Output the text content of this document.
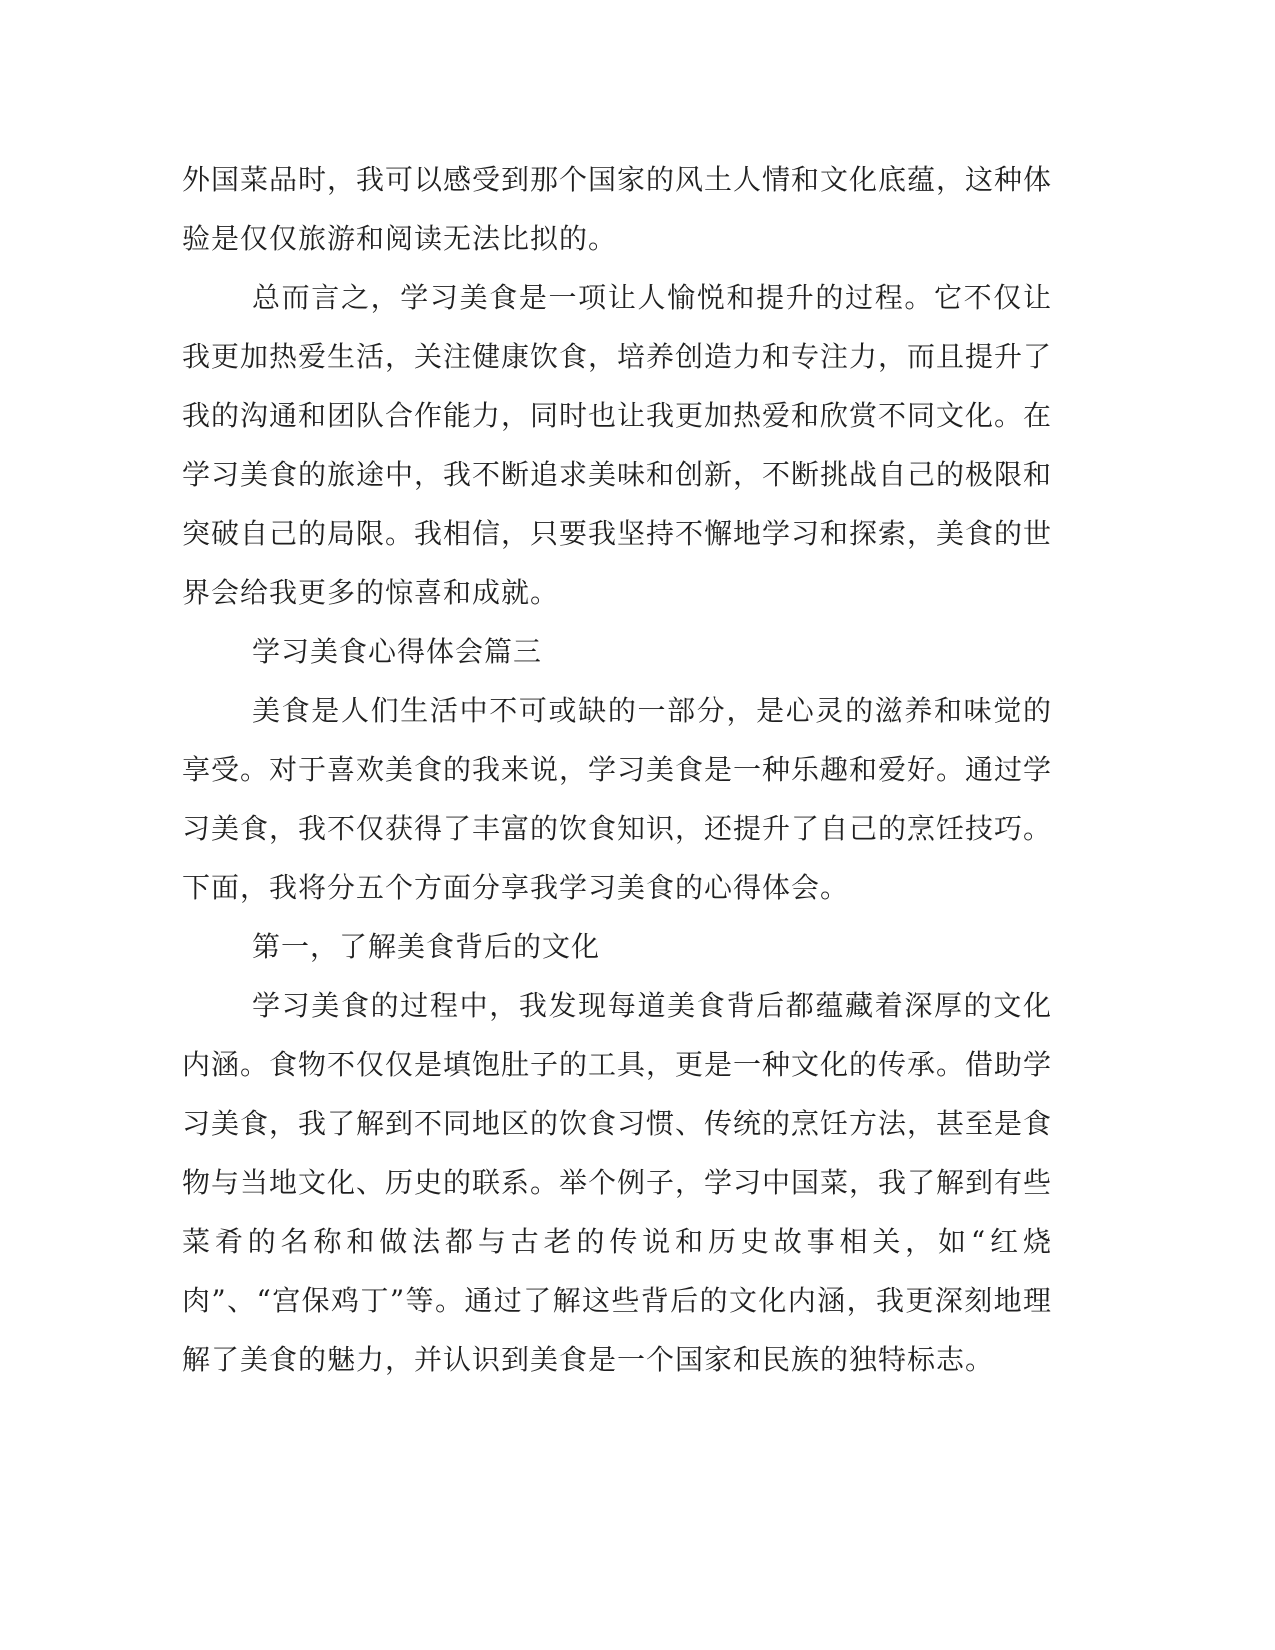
外国菜品时，我可以感受到那个国家的风土人情和文化底蕴，这种体验是仅仅旅游和阅读无法比拟的。

总而言之，学习美食是一项让人愉悦和提升的过程。它不仅让我更加热爱生活，关注健康饮食，培养创造力和专注力，而且提升了我的沟通和团队合作能力，同时也让我更加热爱和欣赏不同文化。在学习美食的旅途中，我不断追求美味和创新，不断挑战自己的极限和突破自己的局限。我相信，只要我坚持不懈地学习和探索，美食的世界会给我更多的惊喜和成就。

学习美食心得体会篇三

美食是人们生活中不可或缺的一部分，是心灵的滋养和味觉的享受。对于喜欢美食的我来说，学习美食是一种乐趣和爱好。通过学习美食，我不仅获得了丰富的饮食知识，还提升了自己的烹饪技巧。下面，我将分五个方面分享我学习美食的心得体会。

第一，了解美食背后的文化

学习美食的过程中，我发现每道美食背后都蕴藏着深厚的文化内涵。食物不仅仅是填饱肚子的工具，更是一种文化的传承。借助学习美食，我了解到不同地区的饮食习惯、传统的烹饪方法，甚至是食物与当地文化、历史的联系。举个例子，学习中国菜，我了解到有些菜肴的名称和做法都与古老的传说和历史故事相关，如“红烧肉”、“宫保鸡丁”等。通过了解这些背后的文化内涵，我更深刻地理解了美食的魅力，并认识到美食是一个国家和民族的独特标志。
